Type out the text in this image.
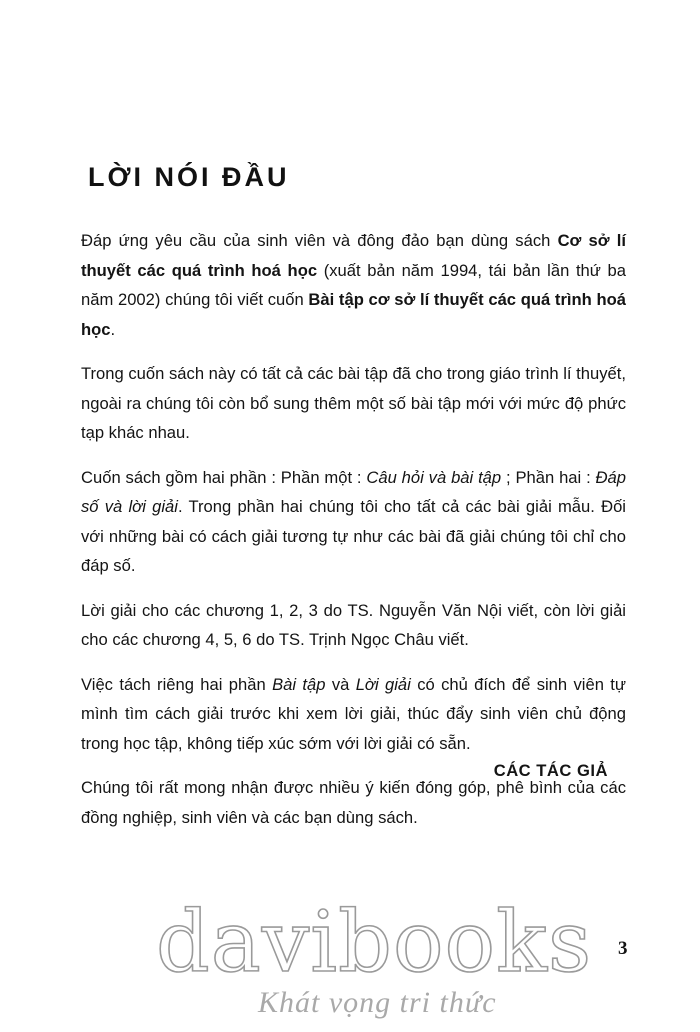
LỜI NÓI ĐẦU

Đáp ứng yêu cầu của sinh viên và đông đảo bạn dùng sách Cơ sở lí thuyết các quá trình hoá học (xuất bản năm 1994, tái bản lần thứ ba năm 2002) chúng tôi viết cuốn Bài tập cơ sở lí thuyết các quá trình hoá học.

Trong cuốn sách này có tất cả các bài tập đã cho trong giáo trình lí thuyết, ngoài ra chúng tôi còn bổ sung thêm một số bài tập mới với mức độ phức tạp khác nhau.

Cuốn sách gồm hai phần : Phần một : Câu hỏi và bài tập ; Phần hai : Đáp số và lời giải. Trong phần hai chúng tôi cho tất cả các bài giải mẫu. Đối với những bài có cách giải tương tự như các bài đã giải chúng tôi chỉ cho đáp số.

Lời giải cho các chương 1, 2, 3 do TS. Nguyễn Văn Nội viết, còn lời giải cho các chương 4, 5, 6 do TS. Trịnh Ngọc Châu viết.

Việc tách riêng hai phần Bài tập và Lời giải có chủ đích để sinh viên tự mình tìm cách giải trước khi xem lời giải, thúc đẩy sinh viên chủ động trong học tập, không tiếp xúc sớm với lời giải có sẵn.

Chúng tôi rất mong nhận được nhiều ý kiến đóng góp, phê bình của các đồng nghiệp, sinh viên và các bạn dùng sách.

CÁC TÁC GIẢ
3
davibooks
Khát vọng tri thức
